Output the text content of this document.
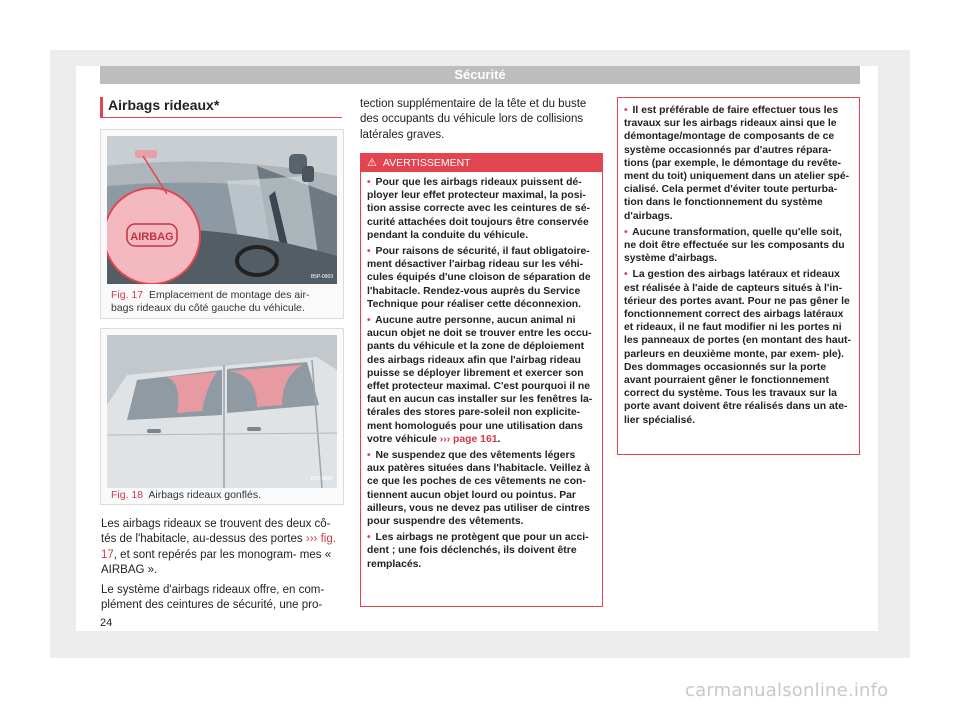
Sécurité
Airbags rideaux*
AIRBAG
B5P-0969
Fig. 17 Emplacement de montage des air- bags rideaux du côté gauche du véhicule.
B5P-0830
Fig. 18 Airbags rideaux gonflés.

Les airbags rideaux se trouvent des deux cô- tés de l'habitacle, au-dessus des portes ››› fig. 17, et sont repérés par les monogram- mes « AIRBAG ».

Le système d'airbags rideaux offre, en com- plément des ceintures de sécurité, une pro-

tection supplémentaire de la tête et du buste des occupants du véhicule lors de collisions latérales graves.

⚠ AVERTISSEMENT
• Pour que les airbags rideaux puissent dé- ployer leur effet protecteur maximal, la posi- tion assise correcte avec les ceintures de sé- curité attachées doit toujours être conservée pendant la conduite du véhicule.
• Pour raisons de sécurité, il faut obligatoire- ment désactiver l'airbag rideau sur les véhi- cules équipés d'une cloison de séparation de l'habitacle. Rendez-vous auprès du Service Technique pour réaliser cette déconnexion.
• Aucune autre personne, aucun animal ni aucun objet ne doit se trouver entre les occu- pants du véhicule et la zone de déploiement des airbags rideaux afin que l'airbag rideau puisse se déployer librement et exercer son effet protecteur maximal. C'est pourquoi il ne faut en aucun cas installer sur les fenêtres la- térales des stores pare-soleil non explicite- ment homologués pour une utilisation dans votre véhicule ››› page 161.
• Ne suspendez que des vêtements légers aux patères situées dans l'habitacle. Veillez à ce que les poches de ces vêtements ne con- tiennent aucun objet lourd ou pointus. Par ailleurs, vous ne devez pas utiliser de cintres pour suspendre des vêtements.
• Les airbags ne protègent que pour un acci- dent ; une fois déclenchés, ils doivent être remplacés.
• Il est préférable de faire effectuer tous les travaux sur les airbags rideaux ainsi que le démontage/montage de composants de ce système occasionnés par d'autres répara- tions (par exemple, le démontage du revête- ment du toit) uniquement dans un atelier spé- cialisé. Cela permet d'éviter toute perturba- tion dans le fonctionnement du système d'airbags.
• Aucune transformation, quelle qu'elle soit, ne doit être effectuée sur les composants du système d'airbags.
• La gestion des airbags latéraux et rideaux est réalisée à l'aide de capteurs situés à l'in- térieur des portes avant. Pour ne pas gêner le fonctionnement correct des airbags latéraux et rideaux, il ne faut modifier ni les portes ni les panneaux de portes (en montant des haut-parleurs en deuxième monte, par exem- ple). Des dommages occasionnés sur la porte avant pourraient gêner le fonctionnement correct du système. Tous les travaux sur la porte avant doivent être réalisés dans un ate- lier spécialisé.
24
carmanualsonline.info
